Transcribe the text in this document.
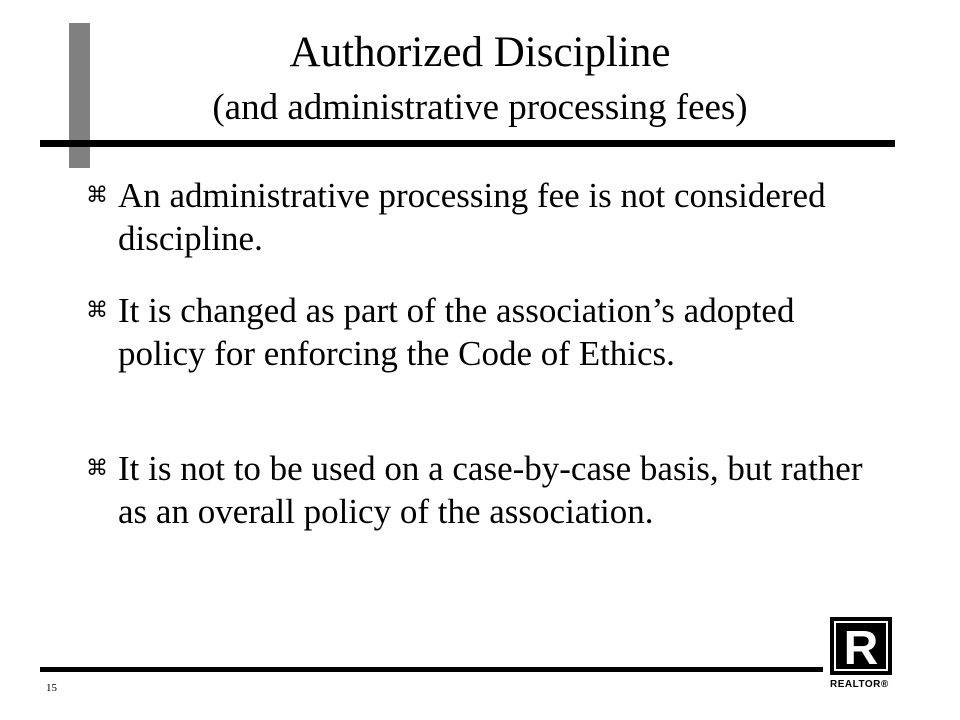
Authorized Discipline
(and administrative processing fees)
⌘ An administrative processing fee is not considered discipline.
⌘ It is changed as part of the association’s adopted policy for enforcing the Code of Ethics.
⌘ It is not to be used on a case-by-case basis, but rather as an overall policy of the association.
15
R
REALTOR®
